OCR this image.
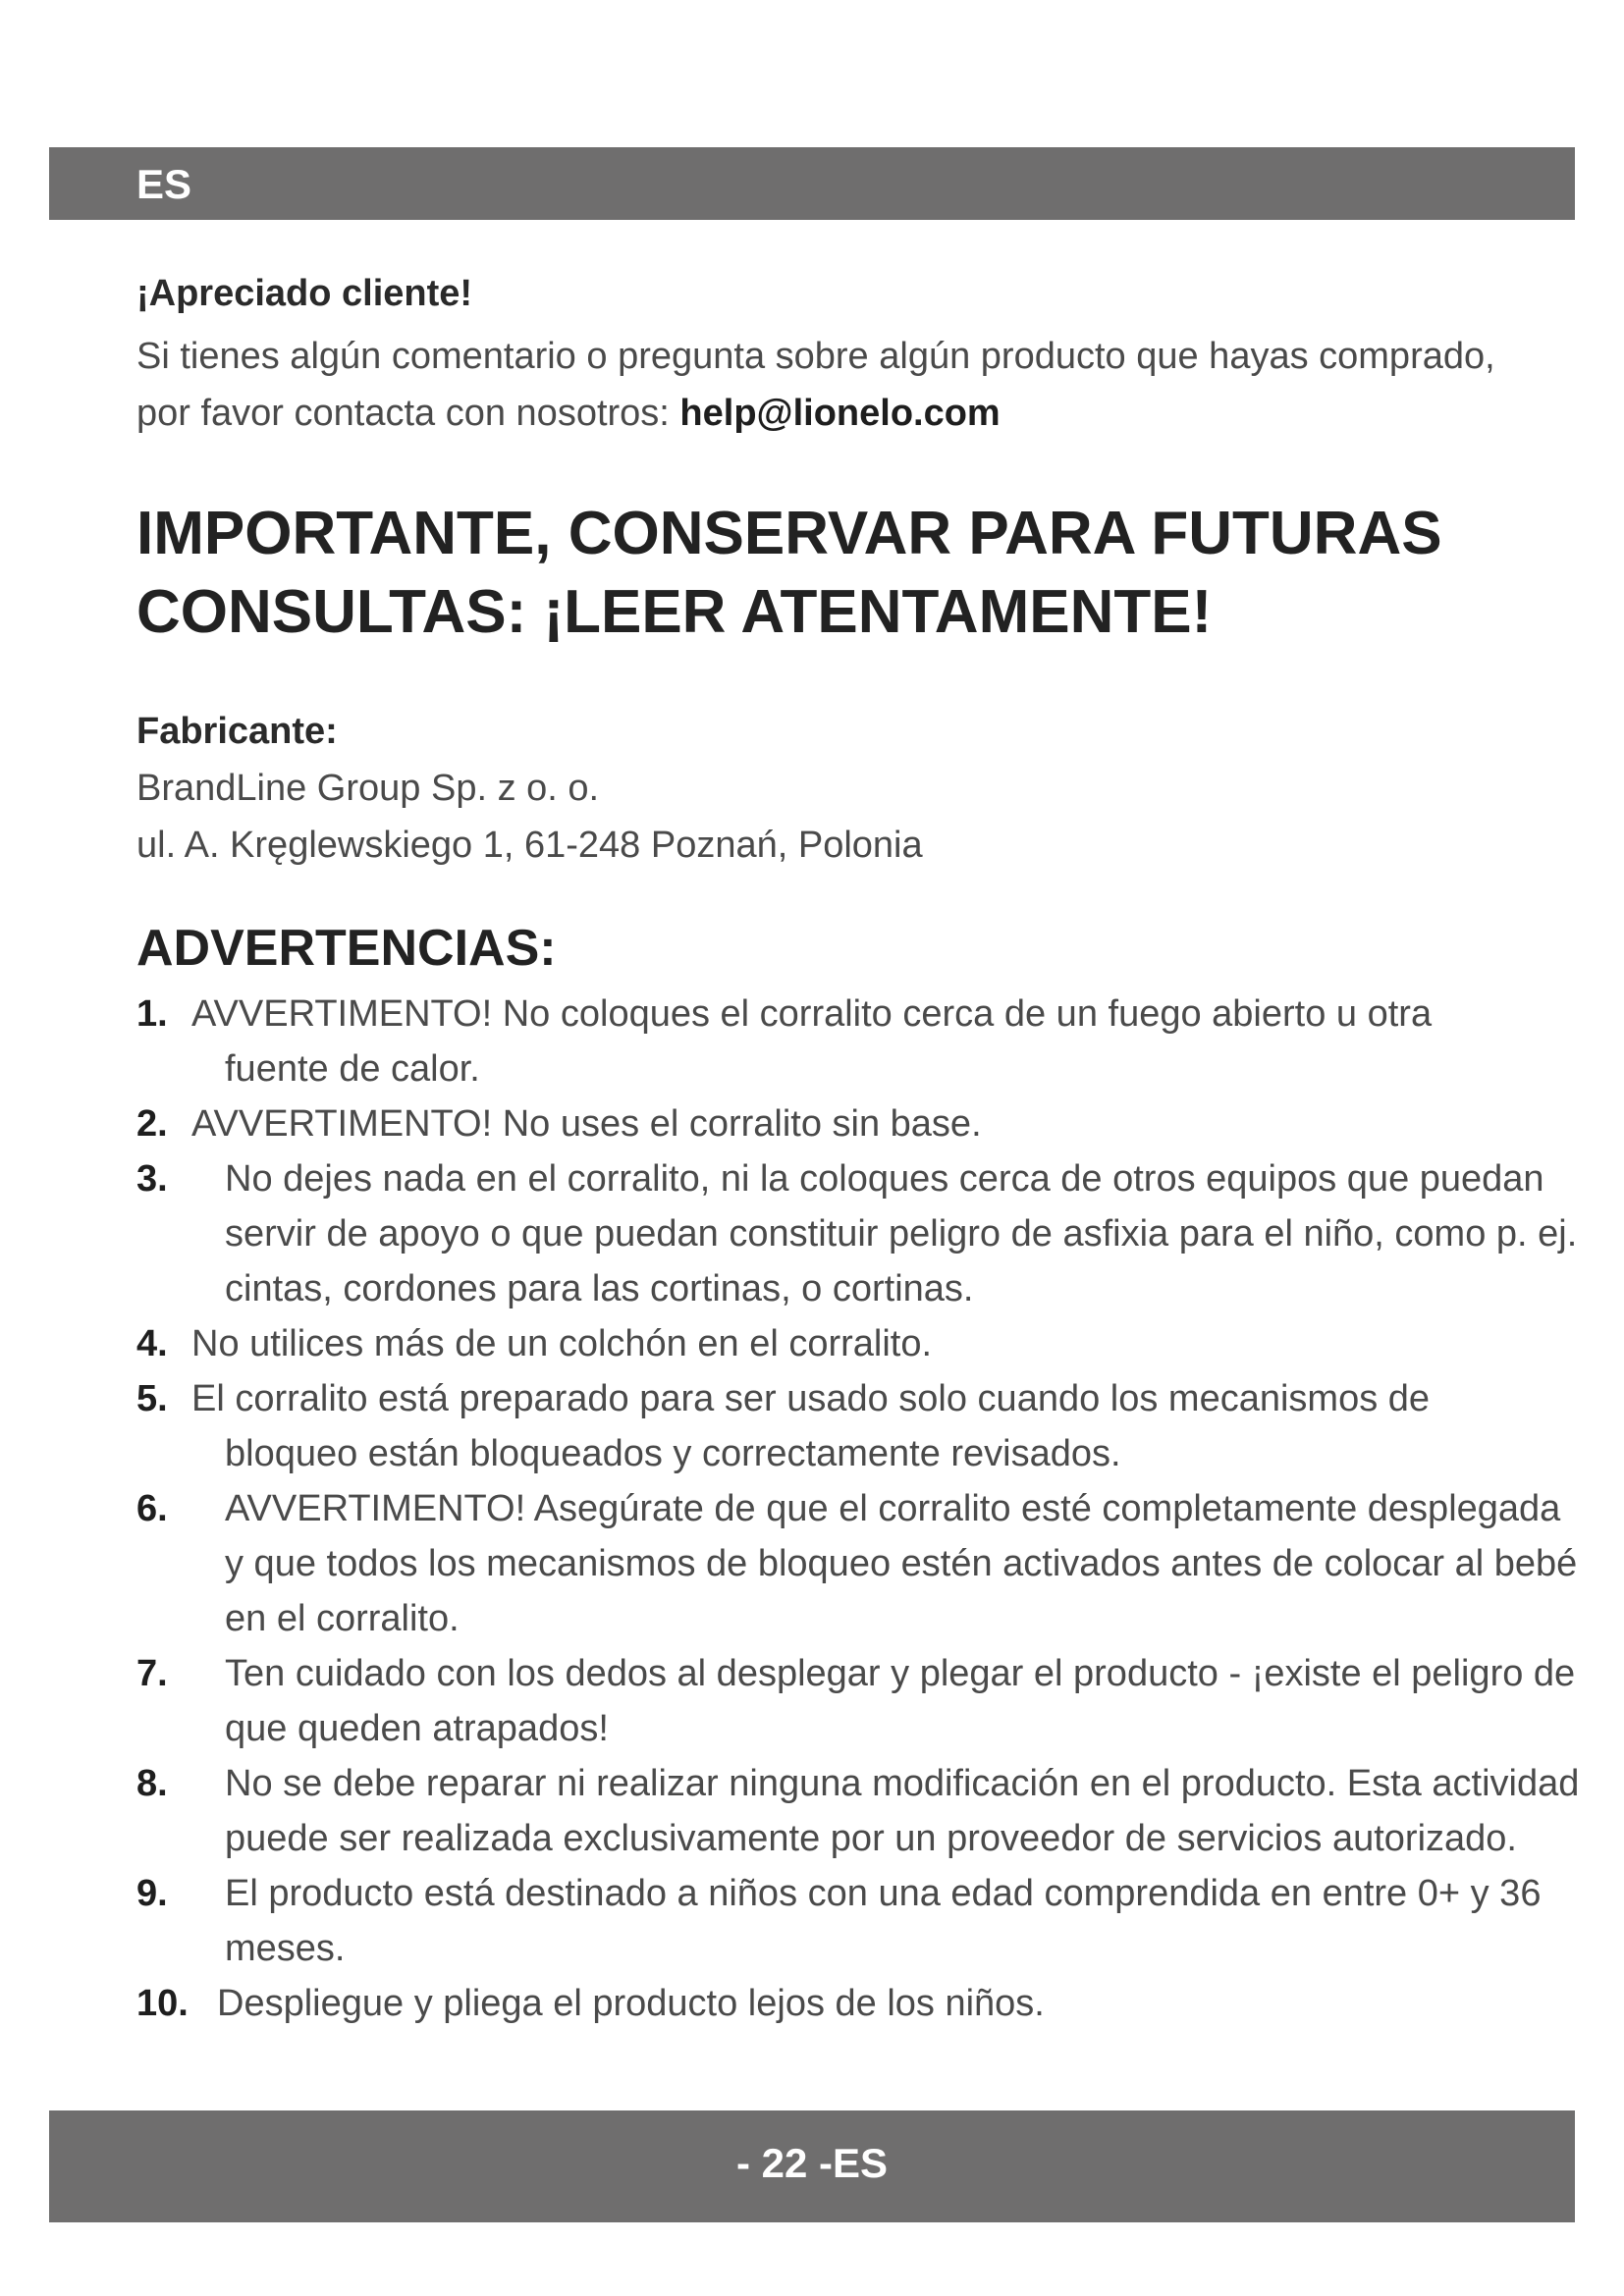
ES
¡Apreciado cliente!
Si tienes algún comentario o pregunta sobre algún producto que hayas comprado,
por favor contacta con nosotros: help@lionelo.com
IMPORTANTE, CONSERVAR PARA FUTURAS
CONSULTAS: ¡LEER ATENTAMENTE!
Fabricante:
BrandLine Group Sp. z o. o.
ul. A. Kręglewskiego 1, 61-248 Poznań, Polonia
ADVERTENCIAS:
1. AVVERTIMENTO! No coloques el corralito cerca de un fuego abierto u otra
fuente de calor.
2. AVVERTIMENTO! No uses el corralito sin base.
3.	No dejes nada en el corralito, ni la coloques cerca de otros equipos que puedan servir de apoyo o que puedan constituir peligro de asfixia para el niño, como p. ej. cintas, cordones para las cortinas, o cortinas.
4. No utilices más de un colchón en el corralito.
5. El corralito está preparado para ser usado solo cuando los mecanismos de
bloqueo están bloqueados y correctamente revisados.
6.	AVVERTIMENTO! Asegúrate de que el corralito esté completamente desplegada y que todos los mecanismos de bloqueo estén activados antes de colocar al bebé en el corralito.
7.	Ten cuidado con los dedos al desplegar y plegar el producto - ¡existe el peligro de que queden atrapados!
8.	No se debe reparar ni realizar ninguna modificación en el producto. Esta actividad puede ser realizada exclusivamente por un proveedor de servicios autorizado.
9.	El producto está destinado a niños con una edad comprendida en entre 0+ y 36 meses.
10. Despliegue y pliega el producto lejos de los niños.
- 22 -ES
